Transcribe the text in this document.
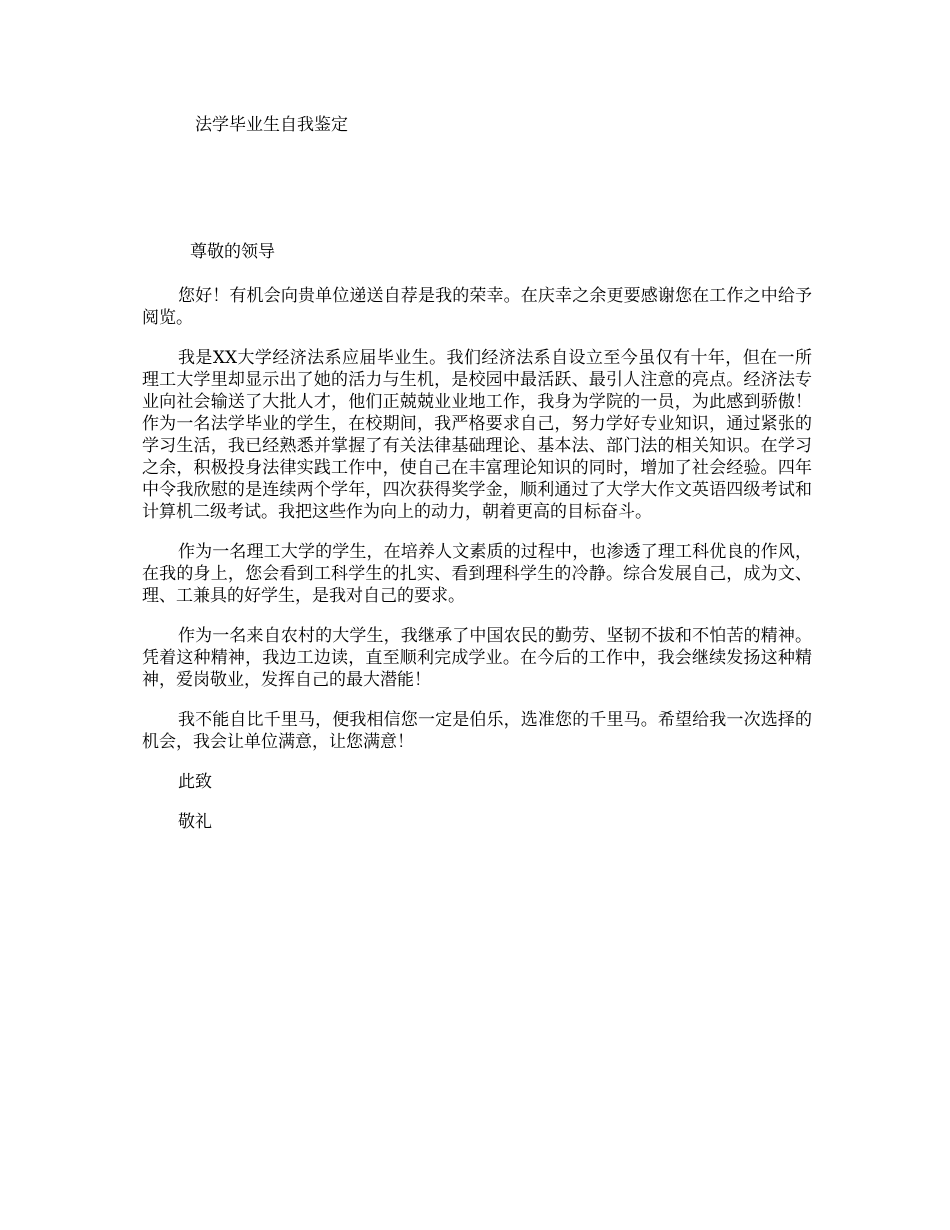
法学毕业生自我鉴定
尊敬的领导

您好！有机会向贵单位递送自荐是我的荣幸。在庆幸之余更要感谢您在工作之中给予阅览。

我是XX大学经济法系应届毕业生。我们经济法系自设立至今虽仅有十年，但在一所理工大学里却显示出了她的活力与生机，是校园中最活跃、最引人注意的亮点。经济法专业向社会输送了大批人才，他们正兢兢业业地工作，我身为学院的一员，为此感到骄傲！作为一名法学毕业的学生，在校期间，我严格要求自己，努力学好专业知识，通过紧张的学习生活，我已经熟悉并掌握了有关法律基础理论、基本法、部门法的相关知识。在学习之余，积极投身法律实践工作中，使自己在丰富理论知识的同时，增加了社会经验。四年中令我欣慰的是连续两个学年，四次获得奖学金，顺利通过了大学大作文英语四级考试和计算机二级考试。我把这些作为向上的动力，朝着更高的目标奋斗。

作为一名理工大学的学生，在培养人文素质的过程中，也渗透了理工科优良的作风，在我的身上，您会看到工科学生的扎实、看到理科学生的冷静。综合发展自己，成为文、理、工兼具的好学生，是我对自己的要求。

作为一名来自农村的大学生，我继承了中国农民的勤劳、坚韧不拔和不怕苦的精神。凭着这种精神，我边工边读，直至顺利完成学业。在今后的工作中，我会继续发扬这种精神，爱岗敬业，发挥自己的最大潜能！

我不能自比千里马，便我相信您一定是伯乐，选准您的千里马。希望给我一次选择的机会，我会让单位满意，让您满意！

此致

敬礼
